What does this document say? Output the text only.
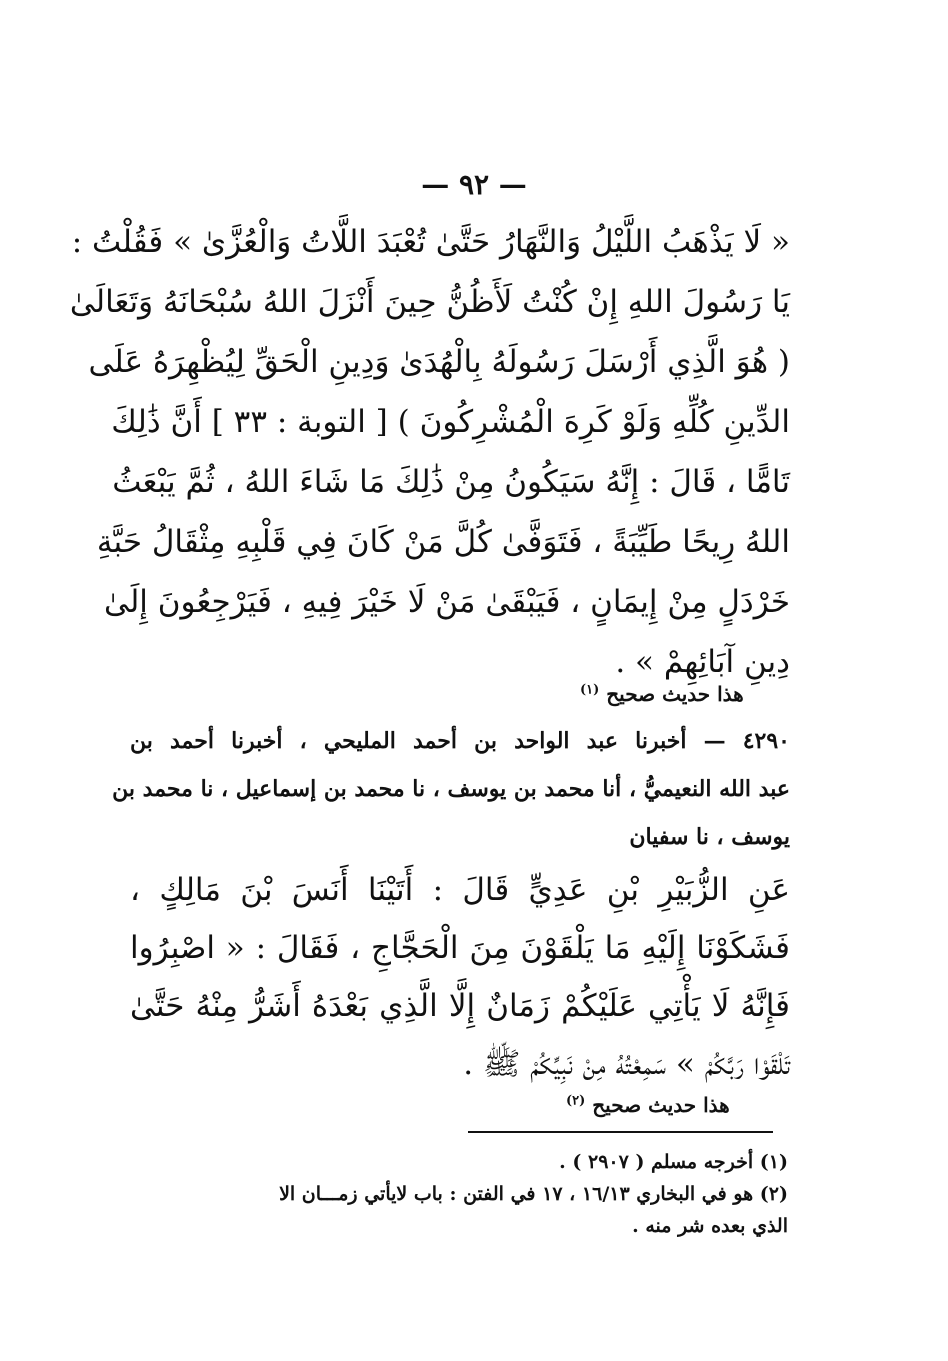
— ٩٢ —
« لَا يَذْهَبُ اللَّيْلُ وَالنَّهَارُ حَتَّىٰ تُعْبَدَ اللَّاتُ وَالْعُزَّىٰ » فَقُلْتُ :
يَا رَسُولَ اللهِ إِنْ كُنْتُ لَأَظُنُّ حِينَ أَنْزَلَ اللهُ سُبْحَانَهُ وَتَعَالَىٰ
( هُوَ الَّذِي أَرْسَلَ رَسُولَهُ بِالْهُدَىٰ وَدِينِ الْحَقِّ لِيُظْهِرَهُ عَلَى
الدِّينِ كُلِّهِ وَلَوْ كَرِهَ الْمُشْرِكُونَ ) [ التوبة : ٣٣ ] أَنَّ ذَٰلِكَ
تَامًّا ، قَالَ : إِنَّهُ سَيَكُونُ مِنْ ذَٰلِكَ مَا شَاءَ اللهُ ، ثُمَّ يَبْعَثُ
اللهُ رِيحًا طَيِّبَةً ، فَتَوَفَّىٰ كُلَّ مَنْ كَانَ فِي قَلْبِهِ مِثْقَالُ حَبَّةِ
خَرْدَلٍ مِنْ إِيمَانٍ ، فَيَبْقَىٰ مَنْ لَا خَيْرَ فِيهِ ، فَيَرْجِعُونَ إِلَىٰ
دِينِ آبَائِهِمْ » .
هذا حديث صحيح $^{(١)}$
٤٢٩٠ — أخبرنا عبد الواحد بن أحمد المليحي ، أخبرنا أحمد بن
عبد الله النعيميُّ ، أنا محمد بن يوسف ، نا محمد بن إسماعيل ، نا محمد بن
يوسف ، نا سفيان
عَنِ الزُّبَيْرِ بْنِ عَدِيٍّ قَالَ : أَتَيْنَا أَنَسَ بْنَ مَالِكٍ ،
فَشَكَوْنَا إِلَيْهِ مَا يَلْقَوْنَ مِنَ الْحَجَّاجِ ، فَقَالَ : « اصْبِرُوا
فَإِنَّهُ لَا يَأْتِي عَلَيْكُمْ زَمَانٌ إِلَّا الَّذِي بَعْدَهُ أَشَرُّ مِنْهُ حَتَّىٰ
تَلْقَوْا رَبَّكُمْ » سَمِعْتُهُ مِنْ نَبِيِّكُمْ ﷺ .
هذا حديث صحيح $^{(٢)}$
(١) أخرجه مسلم ( ٢٩٠٧ ) .
(٢) هو في البخاري ١٦/١٣ ، ١٧ في الفتن : باب لايأتي زمـــان الا
الذي بعده شر منه .
